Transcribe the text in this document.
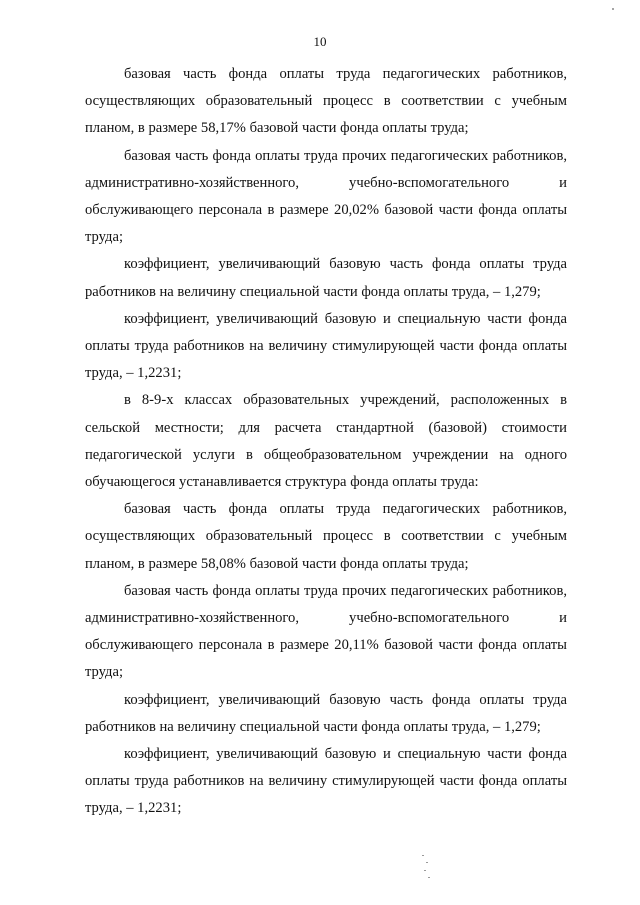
10

базовая часть фонда оплаты труда педагогических работников, осуществляющих образовательный процесс в соответствии с учебным планом, в размере 58,17% базовой части фонда оплаты труда;

базовая часть фонда оплаты труда прочих педагогических работников, административно-хозяйственного, учебно-вспомогательного и обслуживающего персонала в размере 20,02% базовой части фонда оплаты труда;

коэффициент, увеличивающий базовую часть фонда оплаты труда работников на величину специальной части фонда оплаты труда, – 1,279;

коэффициент, увеличивающий базовую и специальную части фонда оплаты труда работников на величину стимулирующей части фонда оплаты труда, – 1,2231;

в 8-9-х классах образовательных учреждений, расположенных в сельской местности; для расчета стандартной (базовой) стоимости педагогической услуги в общеобразовательном учреждении на одного обучающегося устанавливается структура фонда оплаты труда:

базовая часть фонда оплаты труда педагогических работников, осуществляющих образовательный процесс в соответствии с учебным планом, в размере 58,08% базовой части фонда оплаты труда;

базовая часть фонда оплаты труда прочих педагогических работников, административно-хозяйственного, учебно-вспомогательного и обслуживающего персонала в размере 20,11% базовой части фонда оплаты труда;

коэффициент, увеличивающий базовую часть фонда оплаты труда работников на величину специальной части фонда оплаты труда, – 1,279;

коэффициент, увеличивающий базовую и специальную части фонда оплаты труда работников на величину стимулирующей части фонда оплаты труда, – 1,2231;
